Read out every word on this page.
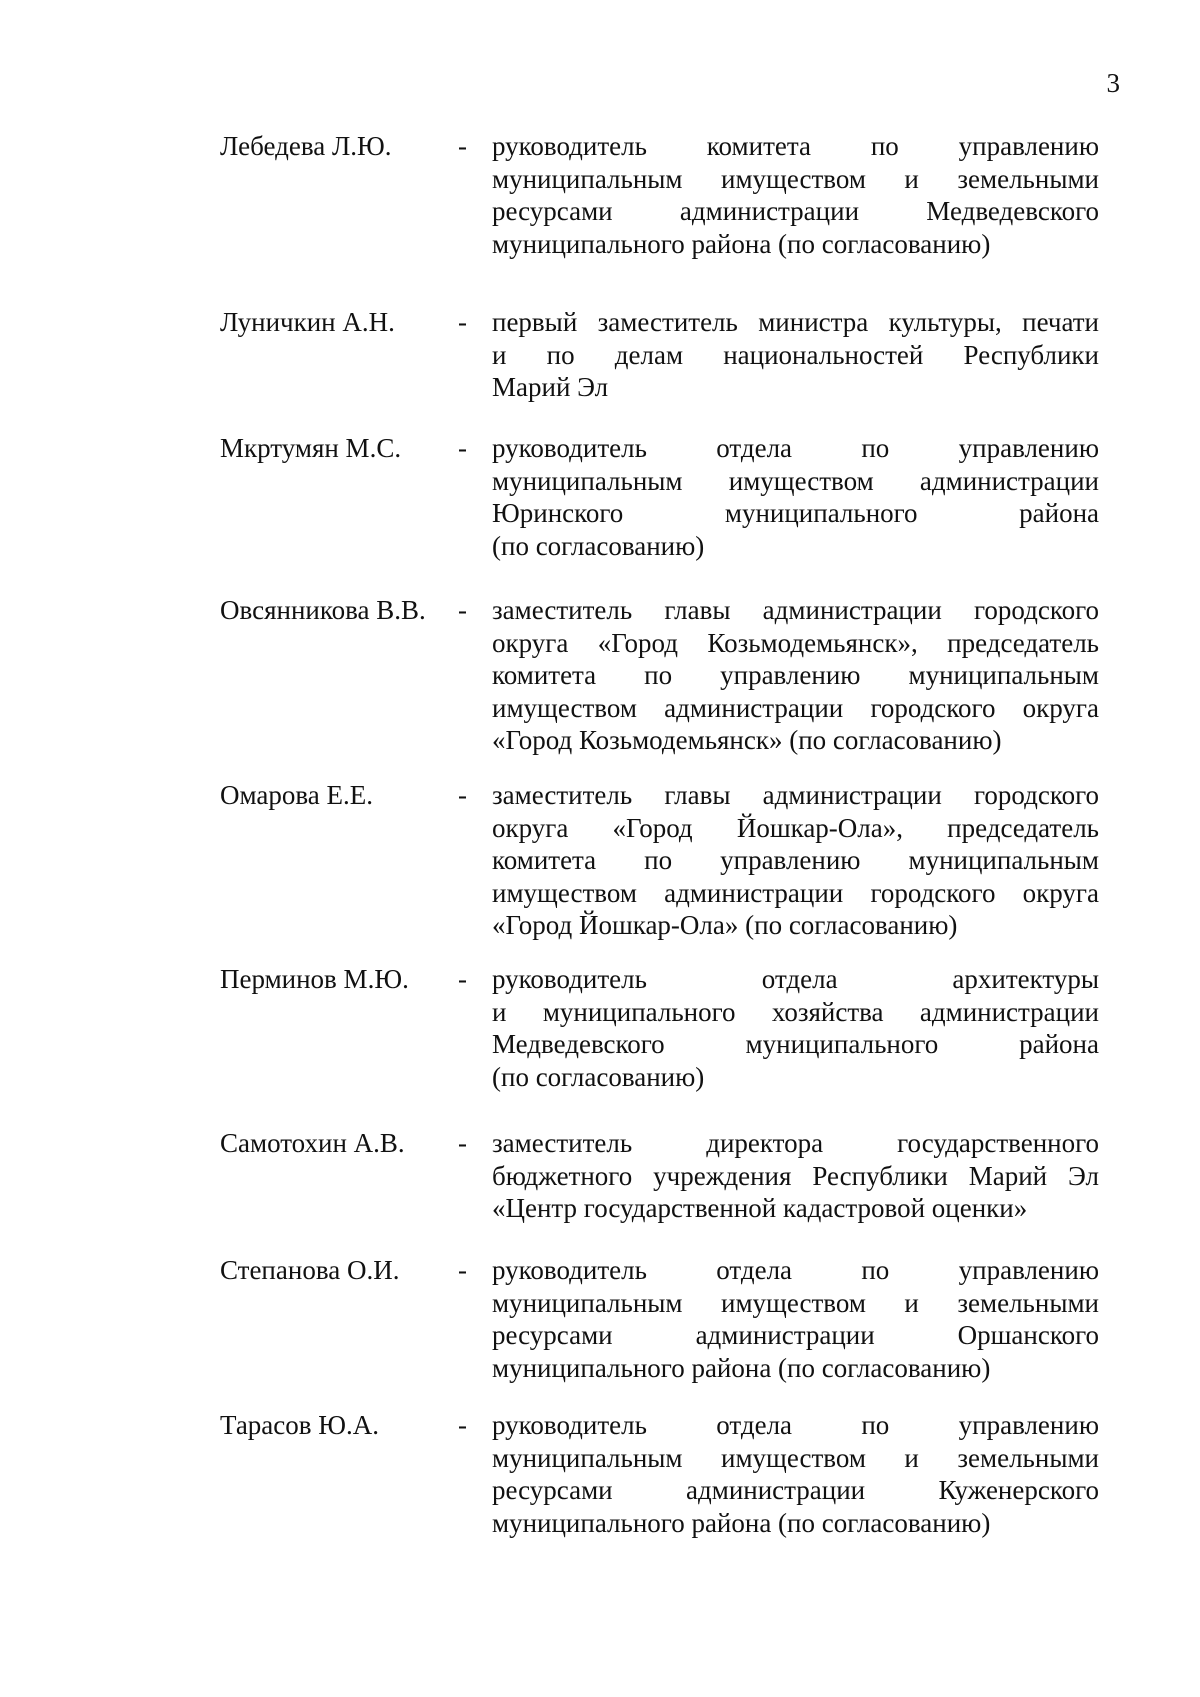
3
Лебедева Л.Ю. - руководитель комитета по управлению
муниципальным имуществом и земельными
ресурсами администрации Медведевского
муниципального района (по согласованию)
Луничкин А.Н. - первый заместитель министра культуры, печати
и по делам национальностей Республики
Марий Эл
Мкртумян М.С. - руководитель отдела по управлению
муниципальным имуществом администрации
Юринского муниципального района
(по согласованию)
Овсянникова В.В. - заместитель главы администрации городского
округа «Город Козьмодемьянск», председатель
комитета по управлению муниципальным
имуществом администрации городского округа
«Город Козьмодемьянск» (по согласованию)
Омарова Е.Е.	- заместитель главы администрации городского
округа «Город Йошкар-Ола», председатель
комитета по управлению муниципальным
имуществом администрации городского округа
«Город Йошкар-Ола» (по согласованию)
Перминов М.Ю. - руководитель отдела архитектуры
и муниципального хозяйства администрации
Медведевского муниципального района
(по согласованию)
Самотохин А.В. - заместитель директора государственного
бюджетного учреждения Республики Марий Эл
«Центр государственной кадастровой оценки»
Степанова О.И. - руководитель отдела по управлению
муниципальным имуществом и земельными
ресурсами администрации Оршанского
муниципального района (по согласованию)
Тарасов Ю.А.	- руководитель отдела по управлению
муниципальным имуществом и земельными
ресурсами администрации Куженерского
муниципального района (по согласованию)
